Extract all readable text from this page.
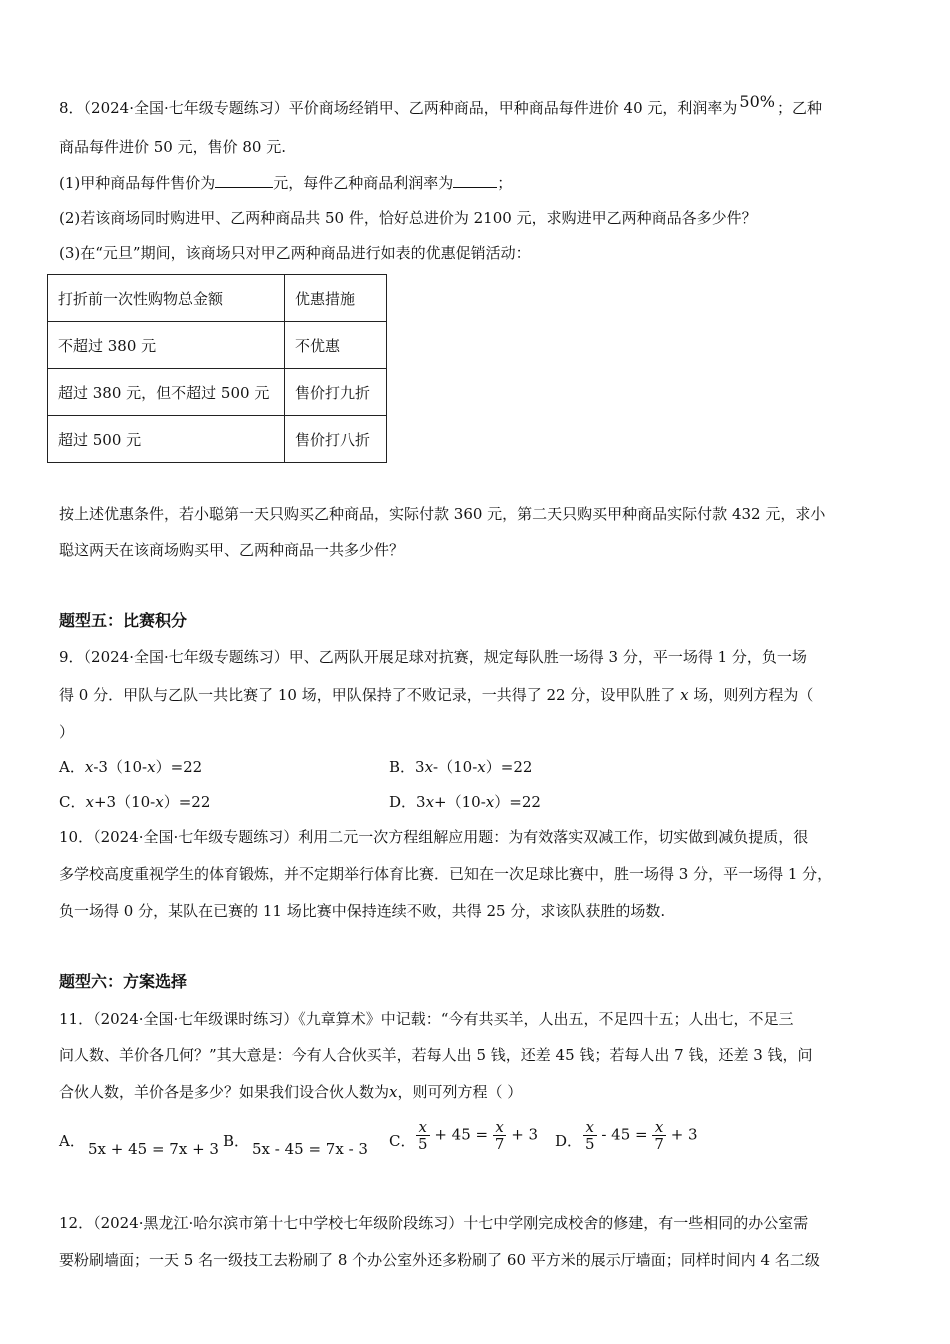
8．（2024·全国·七年级专题练习）平价商场经销甲、乙两种商品，甲种商品每件进价 40 元，利润率为 50% ；乙种
商品每件进价 50 元，售价 80 元.
(1)甲种商品每件售价为	元，每件乙种商品利润率为	；
(2)若该商场同时购进甲、乙两种商品共 50 件，恰好总进价为 2100 元，求购进甲乙两种商品各多少件？
(3)在“元旦”期间，该商场只对甲乙两种商品进行如表的优惠促销活动：
打折前一次性购物总金额	优惠措施
不超过 380 元	不优惠
超过 380 元，但不超过 500 元	售价打九折
超过 500 元	售价打八折
按上述优惠条件，若小聪第一天只购买乙种商品，实际付款 360 元，第二天只购买甲种商品实际付款 432 元，求小
聪这两天在该商场购买甲、乙两种商品一共多少件？
题型五：比赛积分
9．（2024·全国·七年级专题练习）甲、乙两队开展足球对抗赛，规定每队胜一场得 3 分，平一场得 1 分，负一场
得 0 分．甲队与乙队一共比赛了 10 场，甲队保持了不败记录，一共得了 22 分，设甲队胜了 x 场，则列方程为（
）
A．x-3（10-x）=22	B．3x-（10-x）=22
C．x+3（10-x）=22	D．3x+（10-x）=22
10．（2024·全国·七年级专题练习）利用二元一次方程组解应用题：为有效落实双减工作，切实做到减负提质，很
多学校高度重视学生的体育锻炼，并不定期举行体育比赛．已知在一次足球比赛中，胜一场得 3 分，平一场得 1 分，
负一场得 0 分，某队在已赛的 11 场比赛中保持连续不败，共得 25 分，求该队获胜的场数.
题型六：方案选择
11．（2024·全国·七年级课时练习）《九章算术》中记载：“今有共买羊，人出五，不足四十五；人出七，不足三
问人数、羊价各几何？”其大意是：今有人合伙买羊，若每人出 5 钱，还差 45 钱；若每人出 7 钱，还差 3 钱，问
合伙人数，羊价各是多少？如果我们设合伙人数为x，则可列方程（ ）
A． 5x + 45 = 7x + 3 B． 5x - 45 = 7x - 3 C． $\frac{x}{5} + 45 = \frac{x}{7} + 3$ D． $\frac{x}{5} - 45 = \frac{x}{7} + 3$
12．（2024·黑龙江·哈尔滨市第十七中学校七年级阶段练习）十七中学刚完成校舍的修建，有一些相同的办公室需
要粉刷墙面；一天 5 名一级技工去粉刷了 8 个办公室外还多粉刷了 60 平方米的展示厅墙面；同样时间内 4 名二级
